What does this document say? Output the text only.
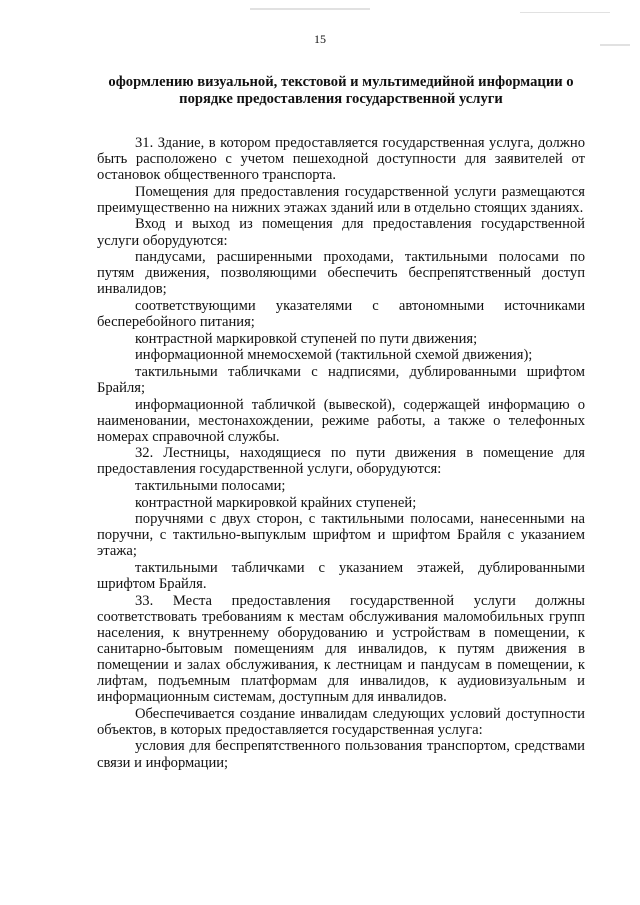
15
оформлению визуальной, текстовой и мультимедийной информации о порядке предоставления государственной услуги
31. Здание, в котором предоставляется государственная услуга, должно быть расположено с учетом пешеходной доступности для заявителей от остановок общественного транспорта.
Помещения для предоставления государственной услуги размещаются преимущественно на нижних этажах зданий или в отдельно стоящих зданиях.
Вход и выход из помещения для предоставления государственной услуги оборудуются:
пандусами, расширенными проходами, тактильными полосами по путям движения, позволяющими обеспечить беспрепятственный доступ инвалидов;
соответствующими указателями с автономными источниками бесперебойного питания;
контрастной маркировкой ступеней по пути движения;
информационной мнемосхемой (тактильной схемой движения);
тактильными табличками с надписями, дублированными шрифтом Брайля;
информационной табличкой (вывеской), содержащей информацию о наименовании, местонахождении, режиме работы, а также о телефонных номерах справочной службы.
32. Лестницы, находящиеся по пути движения в помещение для предоставления государственной услуги, оборудуются:
тактильными полосами;
контрастной маркировкой крайних ступеней;
поручнями с двух сторон, с тактильными полосами, нанесенными на поручни, с тактильно-выпуклым шрифтом и шрифтом Брайля с указанием этажа;
тактильными табличками с указанием этажей, дублированными шрифтом Брайля.
33. Места предоставления государственной услуги должны соответствовать требованиям к местам обслуживания маломобильных групп населения, к внутреннему оборудованию и устройствам в помещении, к санитарно-бытовым помещениям для инвалидов, к путям движения в помещении и залах обслуживания, к лестницам и пандусам в помещении, к лифтам, подъемным платформам для инвалидов, к аудиовизуальным и информационным системам, доступным для инвалидов.
Обеспечивается создание инвалидам следующих условий доступности объектов, в которых предоставляется государственная услуга:
условия для беспрепятственного пользования транспортом, средствами связи и информации;
